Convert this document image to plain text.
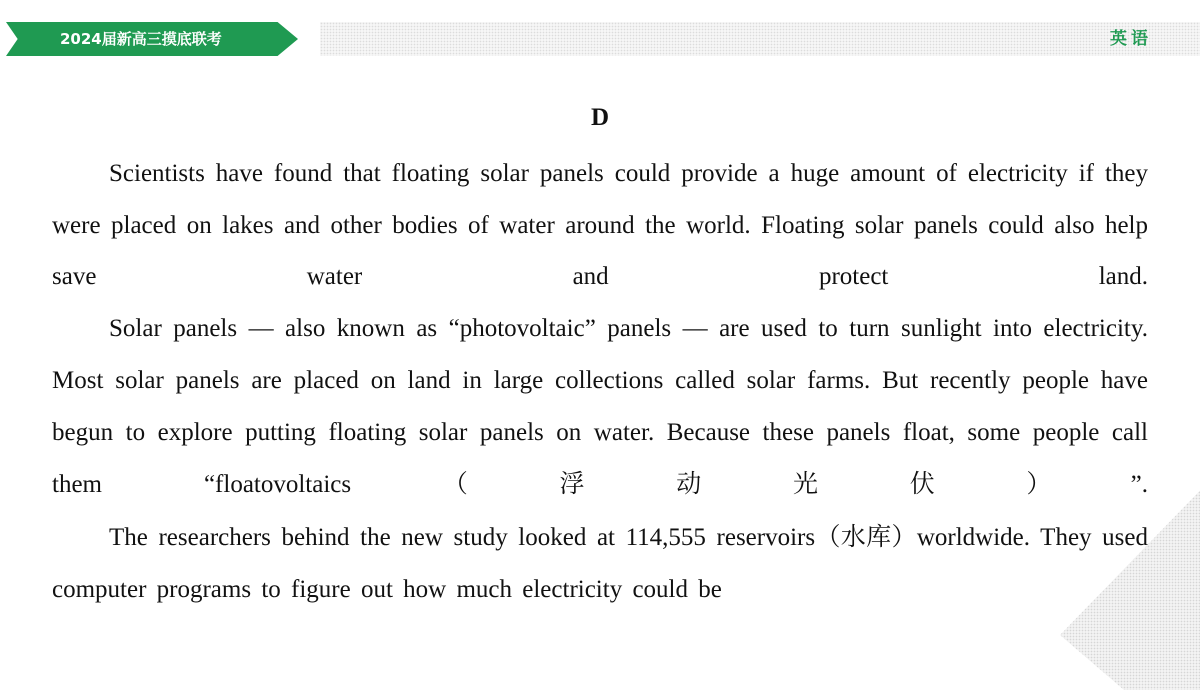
2024届新高三摸底联考	英语
D

Scientists have found that floating solar panels could provide a huge amount of electricity if they were placed on lakes and other bodies of water around the world. Floating solar panels could also help save water and protect land.

Solar panels — also known as “photovoltaic” panels — are used to turn sunlight into electricity. Most solar panels are placed on land in large collections called solar farms. But recently people have begun to explore putting floating solar panels on water. Because these panels float, some people call them “floatovoltaics（浮动光伏）”.

The researchers behind the new study looked at 114,555 reservoirs（水库）worldwide. They used computer programs to figure out how much electricity could be
